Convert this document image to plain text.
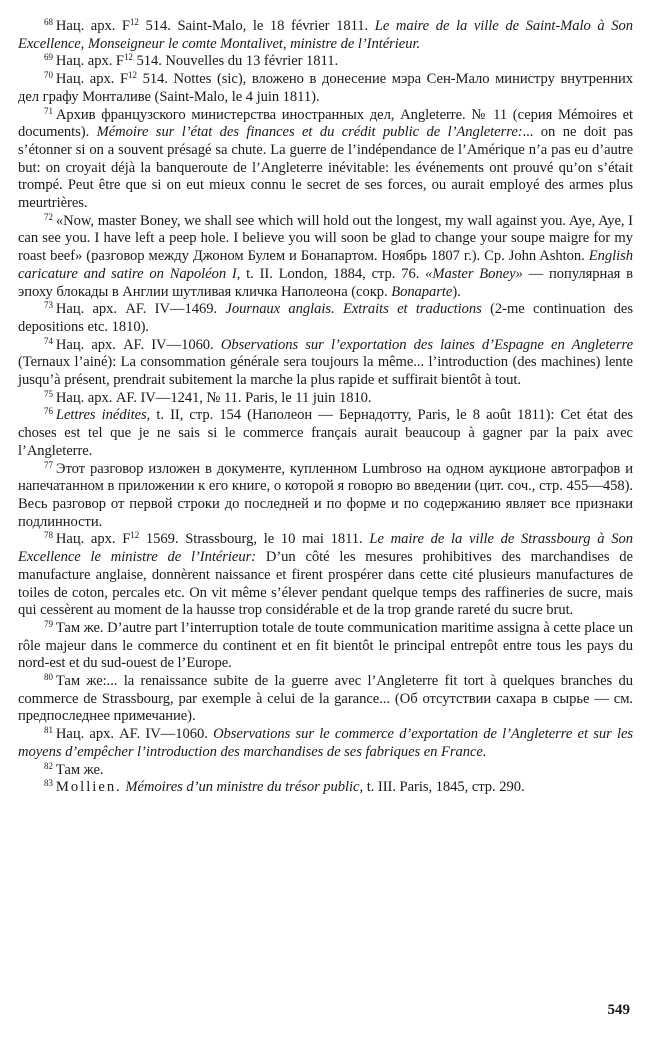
$^{68}$ Нац. арх. $F^{12}$ 514. Saint-Malo, le 18 février 1811. Le maire de la ville de Saint-Malo à Son Excellence, Monseigneur le comte Montalivet, ministre de l’Intérieur.

$^{69}$ Нац. арх. $F^{12}$ 514. Nouvelles du 13 février 1811.

$^{70}$ Нац. арх. $F^{12}$ 514. Nottes (sic), вложено в донесение мэра Сен-Мало министру внутренних дел графу Монталиве (Saint-Malo, le 4 juin 1811).

$^{71}$ Архив французского министерства иностранных дел, Angleterre. № 11 (серия Mémoires et documents). Mémoire sur l’état des finances et du crédit public de l’Angleterre:... on ne doit pas s’étonner si on a souvent présagé sa chute. La guerre de l’indépendance de l’Amérique n’a pas eu d’autre but: on croyait déjà la banqueroute de l’Angleterre inévitable: les événements ont prouvé qu’on s’était trompé. Peut être que si on eut mieux connu le secret de ses forces, ou aurait employé des armes plus meurtrières.

$^{72}$ «Now, master Boney, we shall see which will hold out the longest, my wall against you. Aye, Aye, I can see you. I have left a peep hole. I believe you will soon be glad to change your soupe maigre for my roast beef» (разговор между Джоном Булем и Бонапартом. Ноябрь 1807 г.). Ср. John Ashton. English caricature and satire on Napoléon I, t. II. London, 1884, стр. 76. «Master Boney» — популярная в эпоху блокады в Англии шутливая кличка Наполеона (сокр. Bonaparte).

$^{73}$ Нац. арх. AF. IV—1469. Journaux anglais. Extraits et traductions (2-me continuation des depositions etc. 1810).

$^{74}$ Нац. арх. AF. IV—1060. Observations sur l’exportation des laines d’Espagne en Angleterre (Ternaux l’ainé): La consommation générale sera toujours la même... l’introduction (des machines) lente jusqu’à présent, prendrait subitement la marche la plus rapide et suffirait bientôt à tout.

$^{75}$ Нац. арх. AF. IV—1241, № 11. Paris, le 11 juin 1810.

$^{76}$ Lettres inédites, t. II, стр. 154 (Наполеон — Бернадотту, Paris, le 8 août 1811): Cet état des choses est tel que je ne sais si le commerce français aurait beaucoup à gagner par la paix avec l’Angleterre.

$^{77}$ Этот разговор изложен в документе, купленном Lumbroso на одном аукционе автографов и напечатанном в приложении к его книге, о которой я говорю во введении (цит. соч., стр. 455—458). Весь разговор от первой строки до последней и по форме и по содержанию являет все признаки подлинности.

$^{78}$ Нац. арх. $F^{12}$ 1569. Strassbourg, le 10 mai 1811. Le maire de la ville de Strassbourg à Son Excellence le ministre de l’Intérieur: D’un côté les mesures prohibitives des marchandises de manufacture anglaise, donnèrent naissance et firent prospérer dans cette cité plusieurs manufactures de toiles de coton, percales etc. On vit même s’élever pendant quelque temps des raffineries de sucre, mais qui cessèrent au moment de la hausse trop considérable et de la trop grande rareté du sucre brut.

$^{79}$ Там же. D’autre part l’interruption totale de toute communication maritime assigna à cette place un rôle majeur dans le commerce du continent et en fit bientôt le principal entrepôt entre tous les pays du nord-est et du sud-ouest de l’Europe.

$^{80}$ Там же:... la renaissance subite de la guerre avec l’Angleterre fit tort à quelques branches du commerce de Strassbourg, par exemple à celui de la garance... (Об отсутствии сахара в сырье — см. предпоследнее примечание).

$^{81}$ Нац. арх. AF. IV—1060. Observations sur le commerce d’exportation de l’Angleterre et sur les moyens d’empêcher l’introduction des marchandises de ses fabriques en France.

$^{82}$ Там же.

$^{83}$ Mollien. Mémoires d’un ministre du trésor public, t. III. Paris, 1845, стр. 290.

549
